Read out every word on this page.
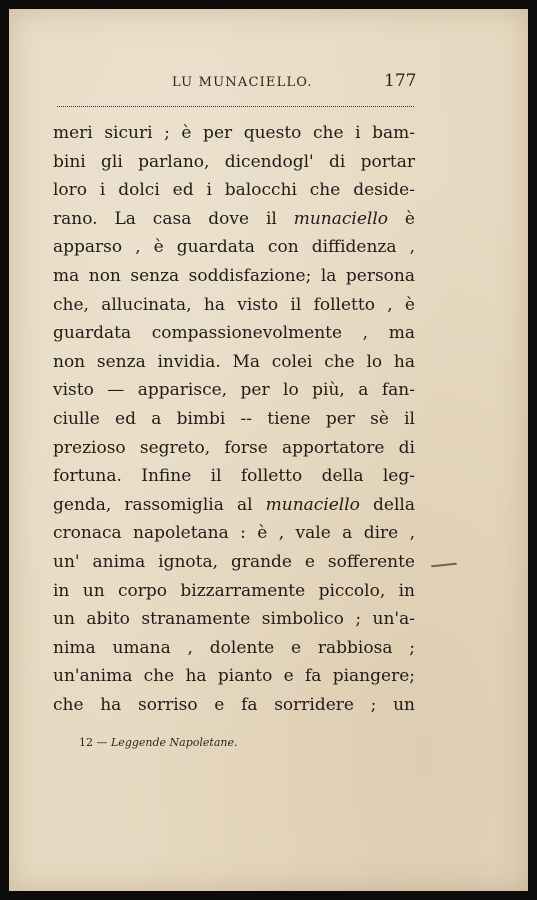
LU MUNACIELLO.	177
meri sicuri ; è per questo che i bam-
bini gli parlano, dicendogl' di portar
loro i dolci ed i balocchi che deside-
rano. La casa dove il munaciello è
apparso , è guardata con diffidenza ,
ma non senza soddisfazione; la persona
che, allucinata, ha visto il folletto , è
guardata compassionevolmente , ma
non senza invidia. Ma colei che lo ha
visto — apparisce, per lo più, a fan-
ciulle ed a bimbi -- tiene per sè il
prezioso segreto, forse apportatore di
fortuna. Infine il folletto della leg-
genda, rassomiglia al munaciello della
cronaca napoletana : è , vale a dire ,
un' anima ignota, grande e sofferente
in un corpo bizzarramente piccolo, in
un abito stranamente simbolico ; un'a-
nima umana , dolente e rabbiosa ;
un'anima che ha pianto e fa piangere;
che ha sorriso e fa sorridere ; un
12 — Leggende Napoletane.
